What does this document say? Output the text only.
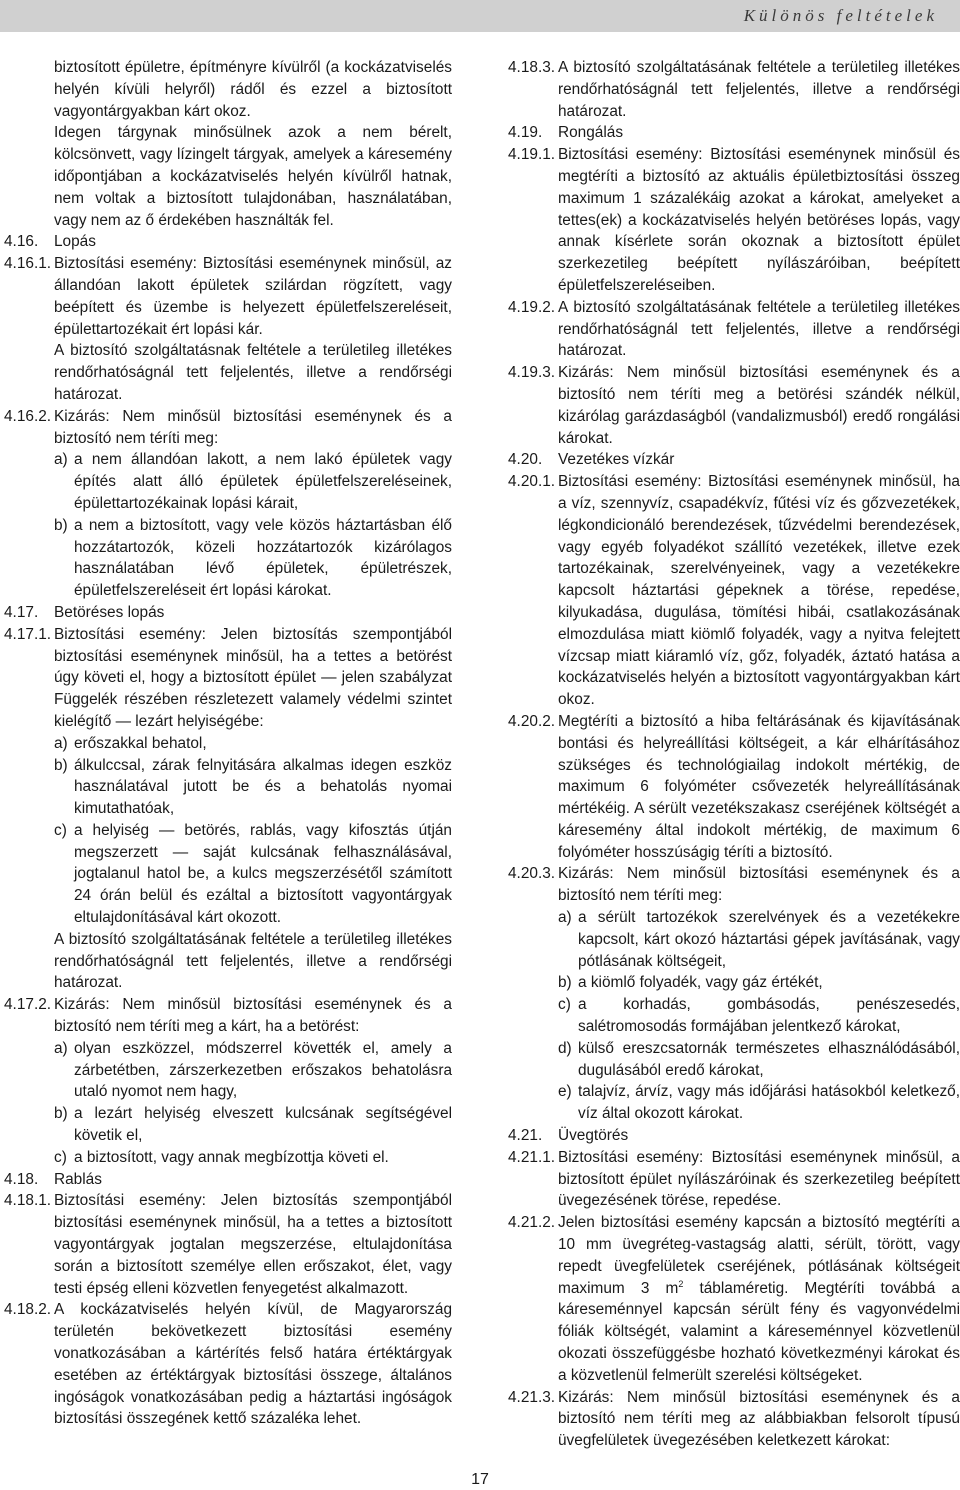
Különös feltételek
biztosított épületre, építményre kívülről (a kockázatviselés helyén kívüli helyről) rádől és ezzel a biztosított vagyontárgyakban kárt okoz.
Idegen tárgynak minősülnek azok a nem bérelt, kölcsönvett, vagy lízingelt tárgyak, amelyek a káresemény időpontjában a kockázatviselés helyén kívülről hatnak, nem voltak a biztosított tulajdonában, használatában, vagy nem az ő érdekében használták fel.
4.16.	Lopás
4.16.1. Biztosítási esemény: Biztosítási eseménynek minősül, az állandóan lakott épületek szilárdan rögzített, vagy beépített és üzembe is helyezett épületfelszereléseit, épülettartozékait ért lopási kár.
A biztosító szolgáltatásnak feltétele a területileg illetékes rendőrhatóságnál tett feljelentés, illetve a rendőrségi határozat.
4.16.2. Kizárás: Nem minősül biztosítási eseménynek és a biztosító nem téríti meg:
a) a nem állandóan lakott, a nem lakó épületek vagy építés alatt álló épületek épületfelszereléseinek, épülettartozékainak lopási kárait,
b) a nem a biztosított, vagy vele közös háztartásban élő hozzátartozók, közeli hozzátartozók kizárólagos használatában lévő épületek, épületrészek, épületfelszereléseit ért lopási károkat.
4.17.	Betöréses lopás
4.17.1. Biztosítási esemény: Jelen biztosítás szempontjából biztosítási eseménynek minősül, ha a tettes a betörést úgy követi el, hogy a biztosított épület — jelen szabályzat Függelék részében részletezett valamely védelmi szintet kielégítő — lezárt helyiségébe:
a) erőszakkal behatol,
b) álkulccsal, zárak felnyitására alkalmas idegen eszköz használatával jutott be és a behatolás nyomai kimutathatóak,
c) a helyiség — betörés, rablás, vagy kifosztás útján megszerzett — saját kulcsának felhasználásával, jogtalanul hatol be, a kulcs megszerzésétől számított 24 órán belül és ezáltal a biztosított vagyontárgyak eltulajdonításával kárt okozott.
A biztosító szolgáltatásának feltétele a területileg illetékes rendőrhatóságnál tett feljelentés, illetve a rendőrségi határozat.
4.17.2. Kizárás: Nem minősül biztosítási eseménynek és a biztosító nem téríti meg a kárt, ha a betörést:
a) olyan eszközzel, módszerrel követték el, amely a zárbetétben, zárszerkezetben erőszakos behatolásra utaló nyomot nem hagy,
b) a lezárt helyiség elveszett kulcsának segítségével követik el,
c) a biztosított, vagy annak megbízottja követi el.
4.18.	Rablás
4.18.1. Biztosítási esemény: Jelen biztosítás szempontjából biztosítási eseménynek minősül, ha a tettes a biztosított vagyontárgyak jogtalan megszerzése, eltulajdonítása során a biztosított személye ellen erőszakot, élet, vagy testi épség elleni közvetlen fenyegetést alkalmazott.
4.18.2. A kockázatviselés helyén kívül, de Magyarország területén bekövetkezett biztosítási esemény vonatkozásában a kártérítés felső határa értéktárgyak esetében az értéktárgyak biztosítási összege, általános ingóságok vonatkozásában pedig a háztartási ingóságok biztosítási összegének kettő százaléka lehet.
4.18.3. A biztosító szolgáltatásának feltétele a területileg illetékes rendőrhatóságnál tett feljelentés, illetve a rendőrségi határozat.
4.19.	Rongálás
4.19.1. Biztosítási esemény: Biztosítási eseménynek minősül és megtéríti a biztosító az aktuális épületbiztosítási összeg maximum 1 százalékáig azokat a károkat, amelyeket a tettes(ek) a kockázatviselés helyén betöréses lopás, vagy annak kísérlete során okoznak a biztosított épület szerkezetileg beépített nyílászáróiban, beépített épületfelszereléseiben.
4.19.2. A biztosító szolgáltatásának feltétele a területileg illetékes rendőrhatóságnál tett feljelentés, illetve a rendőrségi határozat.
4.19.3. Kizárás: Nem minősül biztosítási eseménynek és a biztosító nem téríti meg a betörési szándék nélkül, kizárólag garázdaságból (vandalizmusból) eredő rongálási károkat.
4.20.	Vezetékes vízkár
4.20.1. Biztosítási esemény: Biztosítási eseménynek minősül, ha a víz, szennyvíz, csapadékvíz, fűtési víz és gőzvezetékek, légkondicionáló berendezések, tűzvédelmi berendezések, vagy egyéb folyadékot szállító vezetékek, illetve ezek tartozékainak, szerelvényeinek, vagy a vezetékekre kapcsolt háztartási gépeknek a törése, repedése, kilyukadása, dugulása, tömítési hibái, csatlakozásának elmozdulása miatt kiömlő folyadék, vagy a nyitva felejtett vízcsap miatt kiáramló víz, gőz, folyadék, áztató hatása a kockázatviselés helyén a biztosított vagyontárgyakban kárt okoz.
4.20.2. Megtéríti a biztosító a hiba feltárásának és kijavításának bontási és helyreállítási költségeit, a kár elhárításához szükséges és technológiailag indokolt mértékig, de maximum 6 folyóméter csővezeték helyreállításának mértékéig. A sérült vezetékszakasz cseréjének költségét a káresemény által indokolt mértékig, de maximum 6 folyóméter hosszúságig téríti a biztosító.
4.20.3. Kizárás: Nem minősül biztosítási eseménynek és a biztosító nem téríti meg:
a) a sérült tartozékok szerelvények és a vezetékekre kapcsolt, kárt okozó háztartási gépek javításának, vagy pótlásának költségeit,
b) a kiömlő folyadék, vagy gáz értékét,
c) a korhadás, gombásodás, penészesedés, salétromosodás formájában jelentkező károkat,
d) külső ereszcsatornák természetes elhasználódásából, dugulásából eredő károkat,
e) talajvíz, árvíz, vagy más időjárási hatásokból keletkező, víz által okozott károkat.
4.21.	Üvegtörés
4.21.1. Biztosítási esemény: Biztosítási eseménynek minősül, a biztosított épület nyílászáróinak és szerkezetileg beépített üvegezésének törése, repedése.
4.21.2. Jelen biztosítási esemény kapcsán a biztosító megtéríti a 10 mm üvegréteg-vastagság alatti, sérült, törött, vagy repedt üvegfelületek cseréjének, pótlásának költségeit maximum 3 $m^2$ táblaméretig. Megtéríti továbbá a káreseménnyel kapcsán sérült fény és vagyonvédelmi fóliák költségét, valamint a káreseménnyel közvetlenül okozati összefüggésbe hozható következményi károkat és a közvetlenül felmerült szerelési költségeket.
4.21.3. Kizárás: Nem minősül biztosítási eseménynek és a biztosító nem téríti meg az alábbiakban felsorolt típusú üvegfelületek üvegezésében keletkezett károkat:
17
